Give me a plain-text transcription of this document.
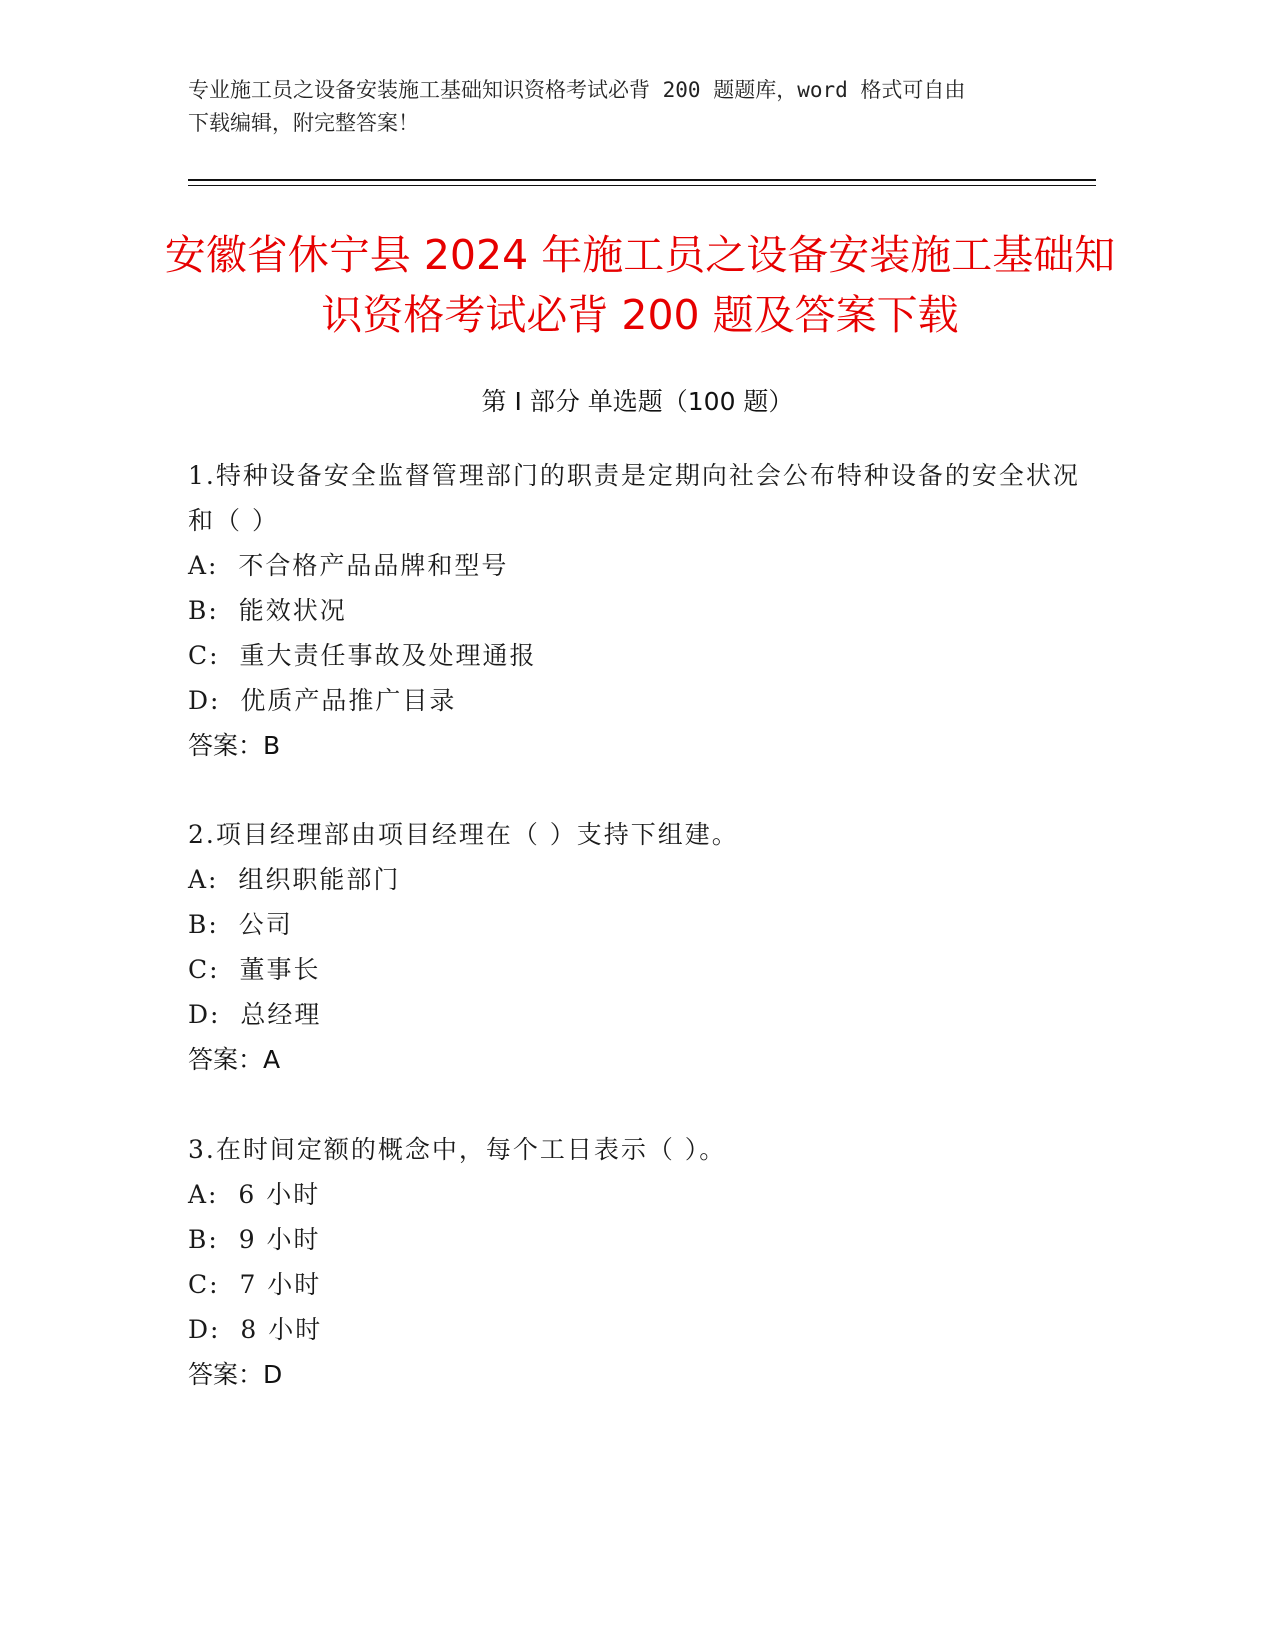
专业施工员之设备安装施工基础知识资格考试必背 200 题题库，word 格式可自由
下载编辑，附完整答案！
安徽省休宁县 2024 年施工员之设备安装施工基础知识资格考试必背 200 题及答案下载
第 I 部分 单选题（100 题）

1.特种设备安全监督管理部门的职责是定期向社会公布特种设备的安全状况和（ ）

A:  不合格产品品牌和型号

B:  能效状况

C:  重大责任事故及处理通报

D:  优质产品推广目录

答案：B

2.项目经理部由项目经理在（ ）支持下组建。

A:  组织职能部门

B:  公司

C:  董事长

D:  总经理

答案：A

3.在时间定额的概念中，每个工日表示（ ）。

A:  6 小时

B:  9 小时

C:  7 小时

D:  8 小时

答案：D
